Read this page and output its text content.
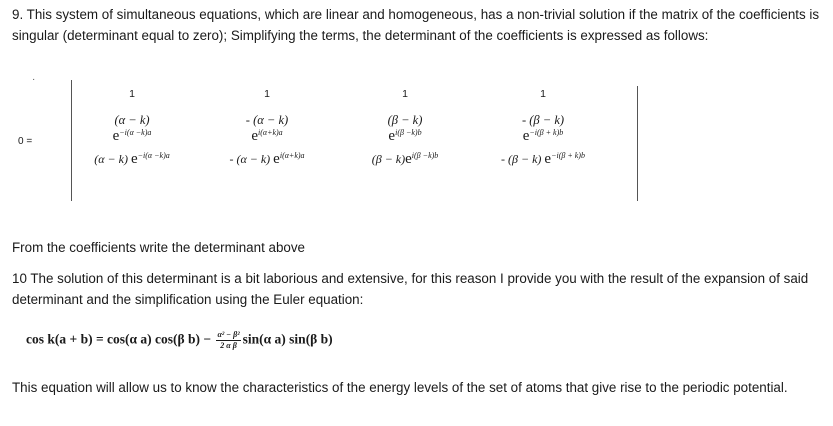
9. This system of simultaneous equations, which are linear and homogeneous, has a non-trivial solution if the matrix of the coefficients is singular (determinant equal to zero); Simplifying the terms, the determinant of the coefficients is expressed as follows:
·
0 =
1
(α − k)
$e^{-i(\alpha -k)a}$
(α − k) $e^{-i(\alpha -k)a}$
1
- (α − k)
$e^{i(\alpha+k)a}$
- (α − k) $e^{i(\alpha+k)a}$
1
(β − k)
$e^{i(\beta -k)b}$
$(\beta - k)e^{i(\beta -k)b}$
1
- (β − k)
$e^{-i(\beta + k)b}$
- (β − k) $e^{-i(\beta + k)b}$
From the coefficients write the determinant above
10 The solution of this determinant is a bit laborious and extensive, for this reason I provide you with the result of the expansion of said determinant and the simplification using the Euler equation:
cos k(a + b) = cos(α a) cos(β $b) - \frac{\text{α² − β²}}{\text{2 α β}} \sin(\alpha$ a) sin(β b)
This equation will allow us to know the characteristics of the energy levels of the set of atoms that give rise to the periodic potential.
